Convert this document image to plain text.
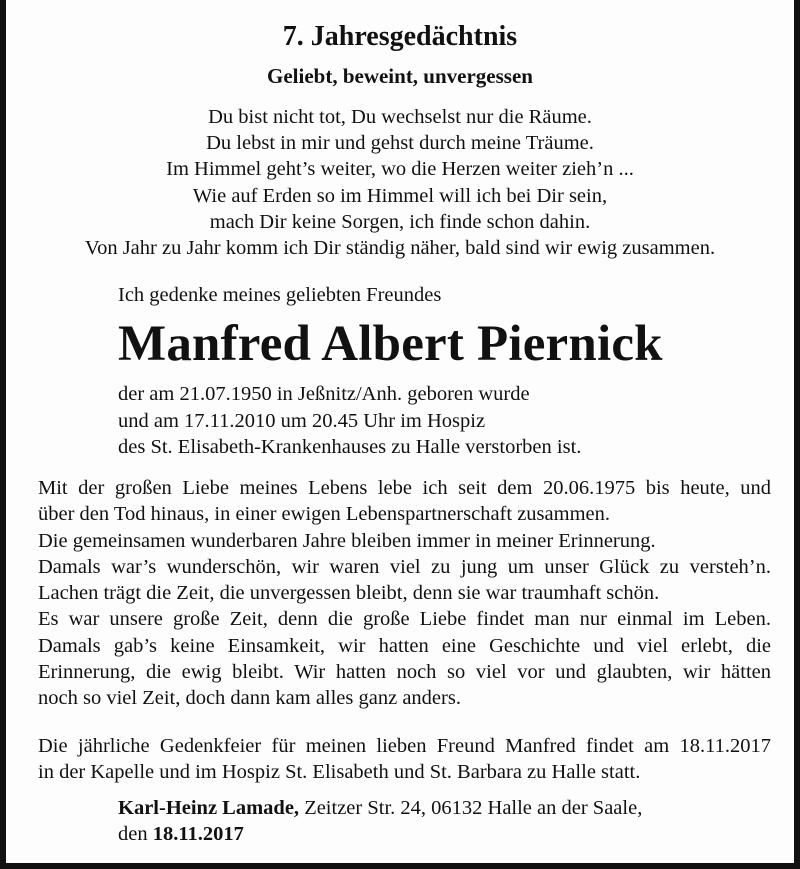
7. Jahresgedächtnis

Geliebt, beweint, unvergessen

Du bist nicht tot, Du wechselst nur die Räume.
Du lebst in mir und gehst durch meine Träume.
Im Himmel geht’s weiter, wo die Herzen weiter zieh’n ...
Wie auf Erden so im Himmel will ich bei Dir sein,
mach Dir keine Sorgen, ich finde schon dahin.
Von Jahr zu Jahr komm ich Dir ständig näher, bald sind wir ewig zusammen.

Ich gedenke meines geliebten Freundes

Manfred Albert Piernick

der am 21.07.1950 in Jeßnitz/Anh. geboren wurde
und am 17.11.2010 um 20.45 Uhr im Hospiz
des St. Elisabeth-Krankenhauses zu Halle verstorben ist.
Mit der großen Liebe meines Lebens lebe ich seit dem 20.06.1975 bis heute, und
über den Tod hinaus, in einer ewigen Lebenspartnerschaft zusammen.
Die gemeinsamen wunderbaren Jahre bleiben immer in meiner Erinnerung.
Damals war’s wunderschön, wir waren viel zu jung um unser Glück zu versteh’n.
Lachen trägt die Zeit, die unvergessen bleibt, denn sie war traumhaft schön.
Es war unsere große Zeit, denn die große Liebe findet man nur einmal im Leben.
Damals gab’s keine Einsamkeit, wir hatten eine Geschichte und viel erlebt, die
Erinnerung, die ewig bleibt. Wir hatten noch so viel vor und glaubten, wir hätten
noch so viel Zeit, doch dann kam alles ganz anders.
Die jährliche Gedenkfeier für meinen lieben Freund Manfred findet am 18.11.2017
in der Kapelle und im Hospiz St. Elisabeth und St. Barbara zu Halle statt.
Karl-Heinz Lamade, Zeitzer Str. 24, 06132 Halle an der Saale,
den 18.11.2017
